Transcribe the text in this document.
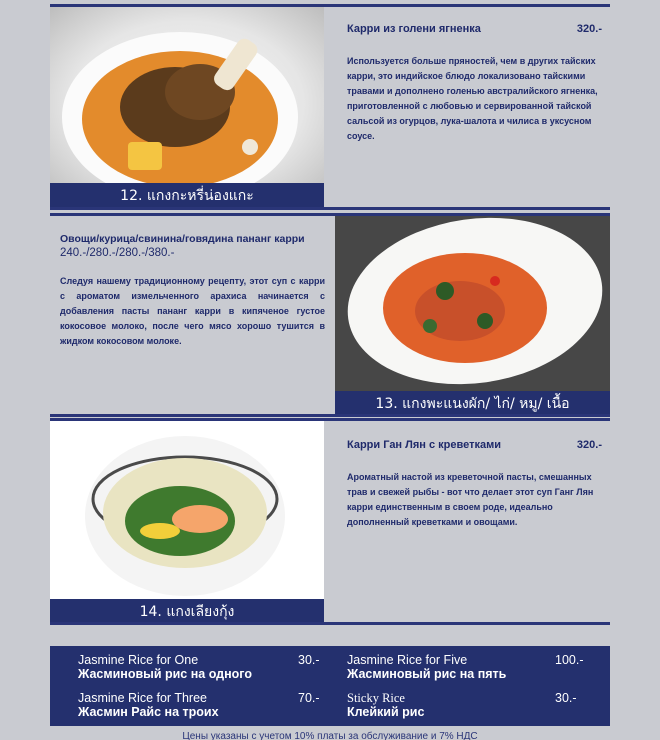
12. แกงกะหรี่น่องแกะ
Карри из голени ягненка	320.-
Используется больше пряностей, чем в других тайских карри, это индийское блюдо локализовано тайскими травами и дополнено голенью австралийского ягненка, приготовленной с любовью и сервированной тайской сальсой из огурцов, лука-шалота и чилиса в уксусном соусе.
Овощи/курица/свинина/говядина пананг карри
240.-/280.-/280.-/380.-
Следуя нашему традиционному рецепту, этот суп с карри с ароматом измельченного арахиса начинается с добавления пасты пананг карри в кипяченое густое кокосовое молоко, после чего мясо хорошо тушится в жидком кокосовом молоке.
13. แกงพะแนงผัก/ ไก่/ หมู/ เนื้อ
14. แกงเลียงกุ้ง
Карри Ган Лян с креветками	320.-
Ароматный настой из креветочной пасты, смешанных трав и свежей рыбы - вот что делает этот суп Ганг Лян карри единственным в своем роде, идеально дополненный креветками и овощами.
Jasmine Rice for One
Жасминовый рис на одного
30.- Jasmine Rice for Five
Жасминовый рис на пять
100.-
Jasmine Rice for Three
Жасмин Райс на троих
70.- Sticky Rice
Клейкий рис
30.-
Цены указаны с учетом 10% платы за обслуживание и 7% НДС
